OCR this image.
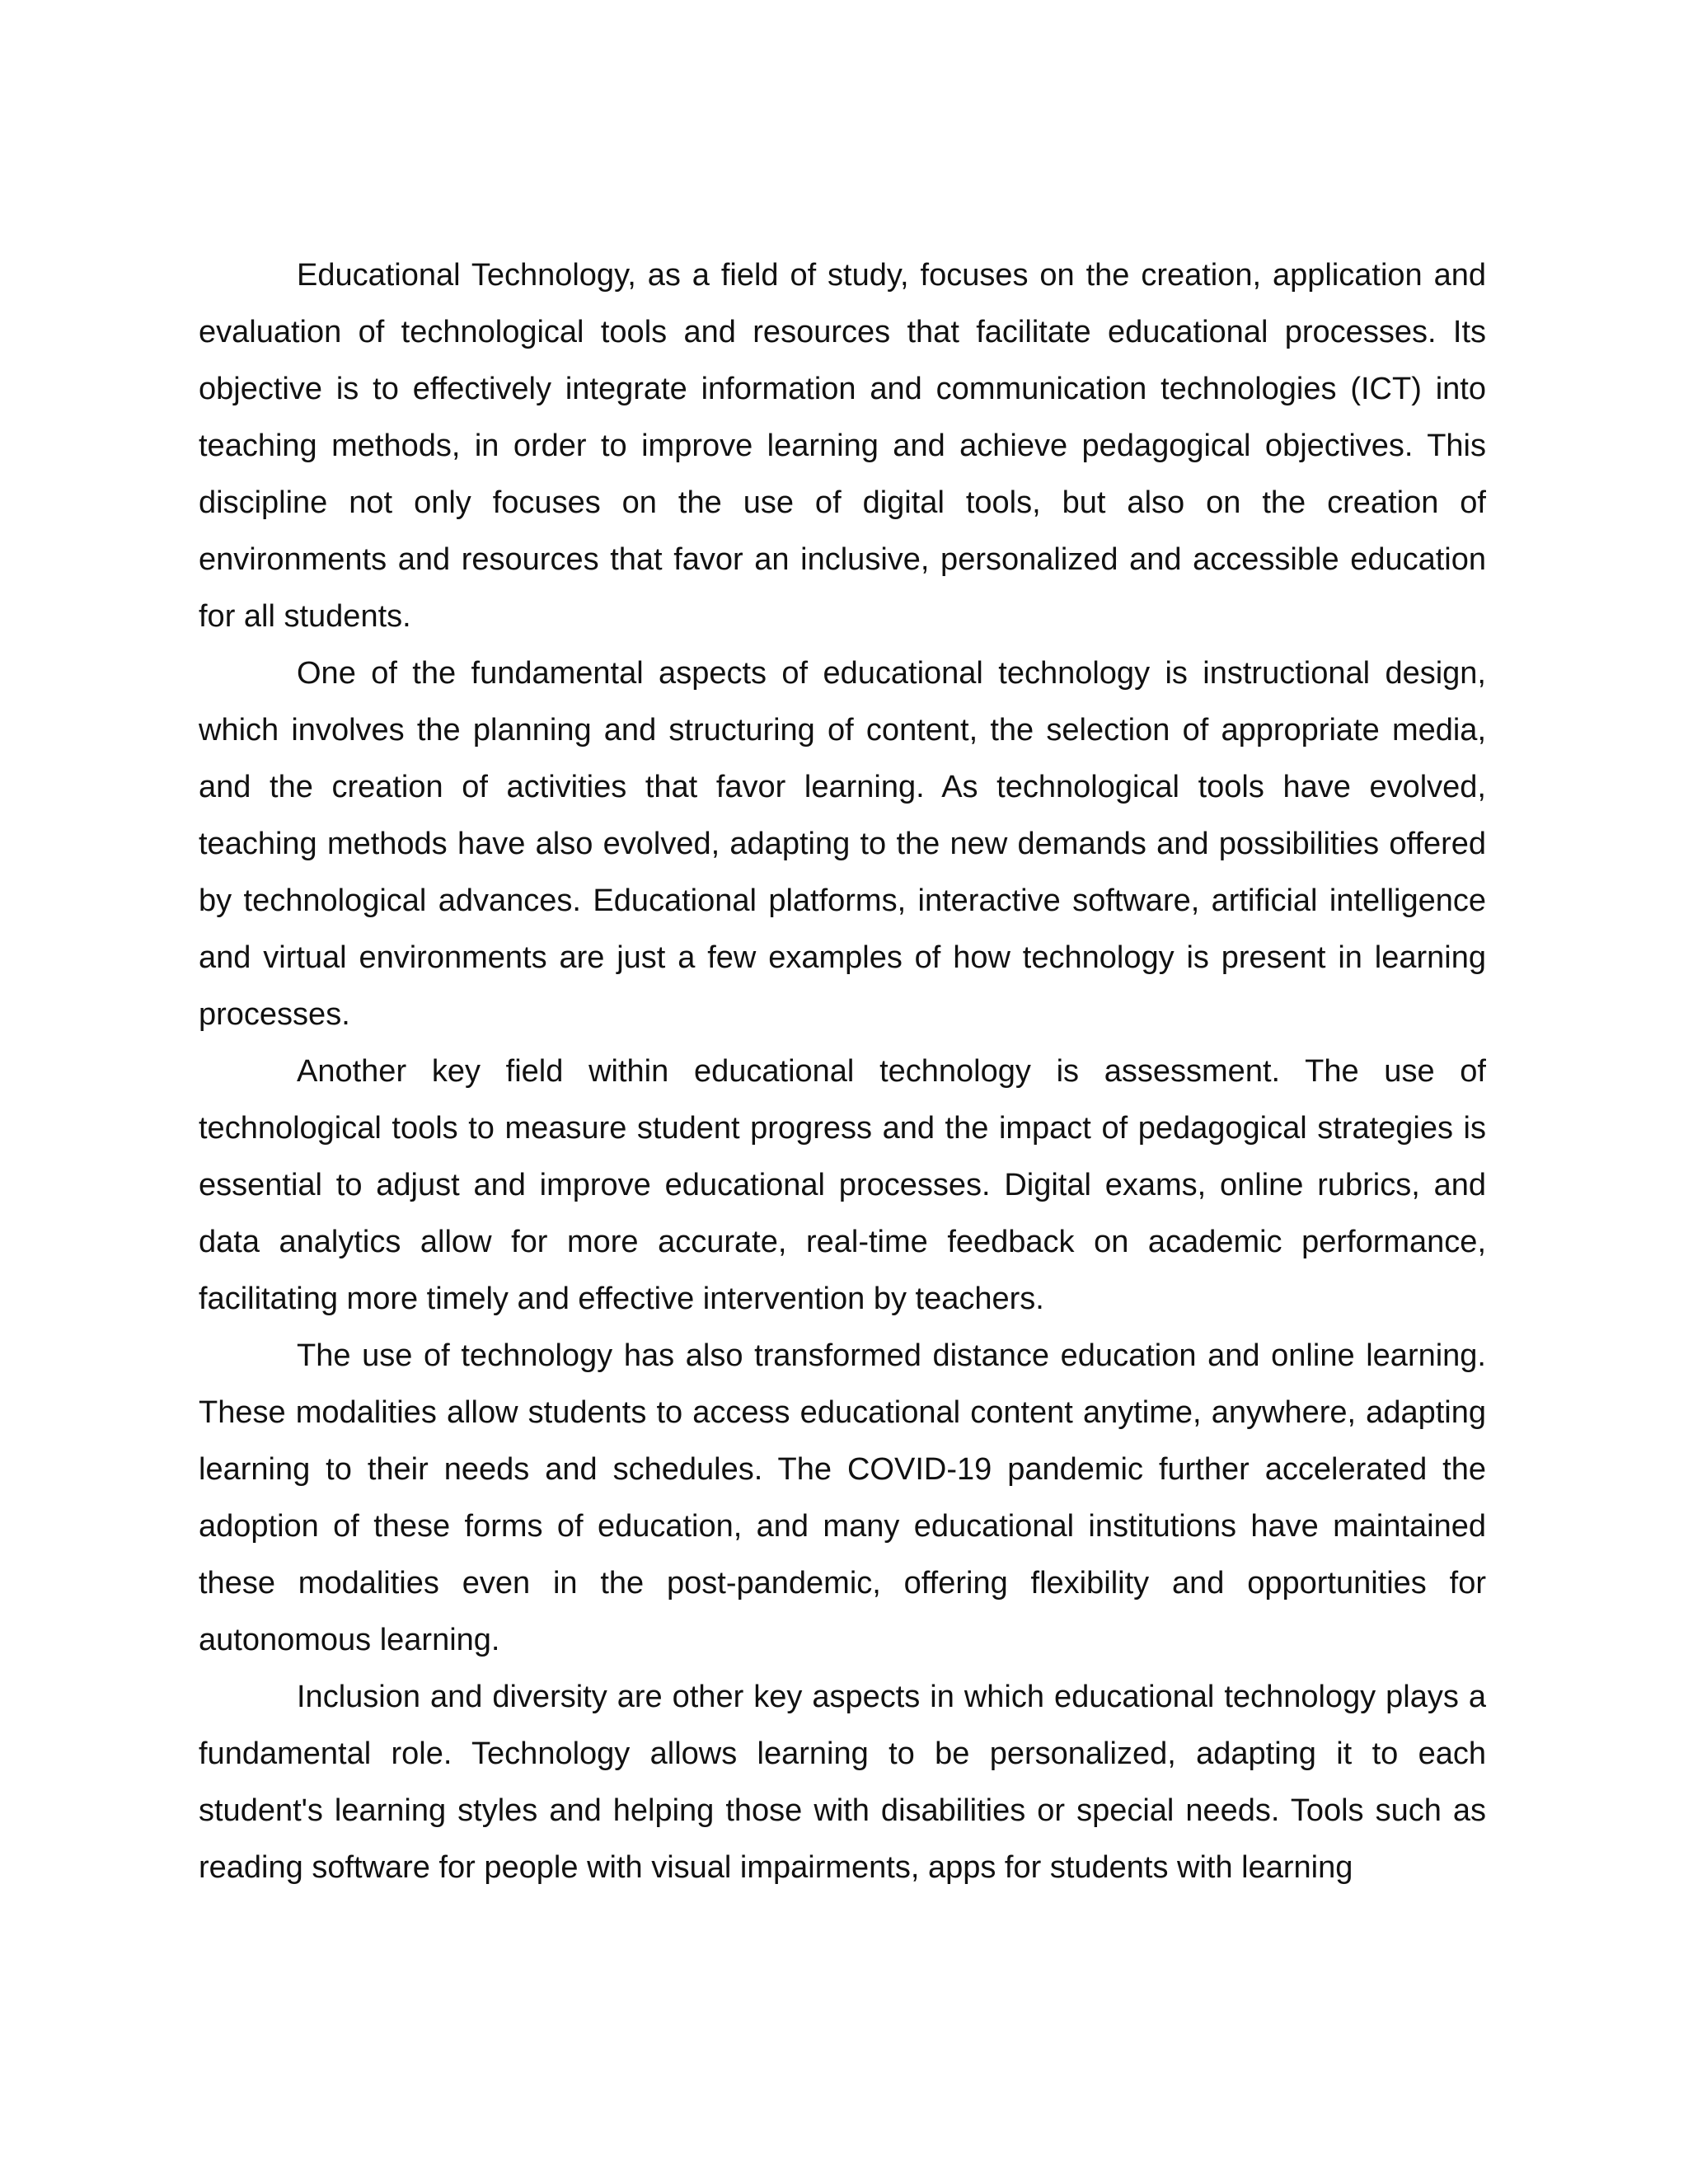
Educational Technology, as a field of study, focuses on the creation, application and evaluation of technological tools and resources that facilitate educational processes. Its objective is to effectively integrate information and communication technologies (ICT) into teaching methods, in order to improve learning and achieve pedagogical objectives. This discipline not only focuses on the use of digital tools, but also on the creation of environments and resources that favor an inclusive, personalized and accessible education for all students.

One of the fundamental aspects of educational technology is instructional design, which involves the planning and structuring of content, the selection of appropriate media, and the creation of activities that favor learning. As technological tools have evolved, teaching methods have also evolved, adapting to the new demands and possibilities offered by technological advances. Educational platforms, interactive software, artificial intelligence and virtual environments are just a few examples of how technology is present in learning processes.

Another key field within educational technology is assessment. The use of technological tools to measure student progress and the impact of pedagogical strategies is essential to adjust and improve educational processes. Digital exams, online rubrics, and data analytics allow for more accurate, real-time feedback on academic performance, facilitating more timely and effective intervention by teachers.

The use of technology has also transformed distance education and online learning. These modalities allow students to access educational content anytime, anywhere, adapting learning to their needs and schedules. The COVID-19 pandemic further accelerated the adoption of these forms of education, and many educational institutions have maintained these modalities even in the post-pandemic, offering flexibility and opportunities for autonomous learning.

Inclusion and diversity are other key aspects in which educational technology plays a fundamental role. Technology allows learning to be personalized, adapting it to each student's learning styles and helping those with disabilities or special needs. Tools such as reading software for people with visual impairments, apps for students with learning
